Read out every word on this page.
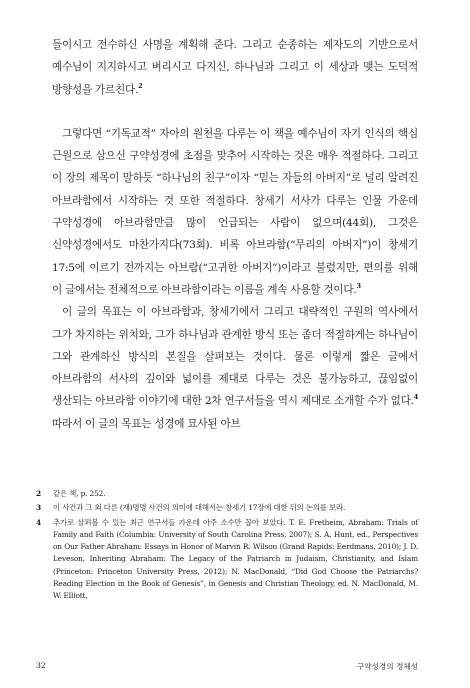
들이시고 전수하신 사명을 계획해 준다. 그리고 순종하는 제자도의 기반으로서 예수님이 지지하시고 벼리시고 다지신, 하나님과 그리고 이 세상과 맺는 도덕적 방향성을 가르친다.$^2$

그렇다면 “기독교적” 자아의 원천을 다루는 이 책을 예수님이 자기 인식의 핵심 근원으로 삼으신 구약성경에 초점을 맞추어 시작하는 것은 매우 적절하다. 그리고 이 장의 제목이 말하듯 “하나님의 친구”이자 “믿는 자들의 아버지”로 널리 알려진 아브라함에서 시작하는 것 또한 적절하다. 창세기 서사가 다루는 인물 가운데 구약성경에 아브라함만큼 많이 언급되는 사람이 없으며(44회), 그것은 신약성경에서도 마찬가지다(73회). 비록 아브라함(“무리의 아버지”)이 창세기 17:5에 이르기 전까지는 아브람(“고귀한 아버지”)이라고 불렸지만, 편의를 위해 이 글에서는 전체적으로 아브라함이라는 이름을 계속 사용할 것이다.$^3$

이 글의 목표는 이 아브라함과, 창세기에서 그리고 대략적인 구원의 역사에서 그가 차지하는 위치와, 그가 하나님과 관계한 방식 또는 좀더 적절하게는 하나님이 그와 관계하신 방식의 본질을 살펴보는 것이다. 물론 이렇게 짧은 글에서 아브라함의 서사의 깊이와 넓이를 제대로 다루는 것은 불가능하고, 끊임없이 생산되는 아브라함 이야기에 대한 2차 연구서들을 역시 제대로 소개할 수가 없다.$^4$ 따라서 이 글의 목표는 성경에 묘사된 아브

2	같은 책, p. 252.
3	이 사건과 그 외 다른 (재)명명 사건의 의미에 대해서는 창세기 17장에 대한 뒤의 논의를 보라.
4	추가로 살펴볼 수 있는 최근 연구서들 가운데 아주 소수만 꼽아 보았다. T. E. Fretheim, Abraham: Trials of Family and Faith (Columbia: University of South Carolina Press, 2007); S. A. Hunt, ed., Perspectives on Our Father Abraham: Essays in Honor of Marvin R. Wilson (Grand Rapids: Eerdmans, 2010); J. D. Leveson, Inheriting Abraham: The Legacy of the Patriarch in Judaism, Christianity, and Islam (Princeton: Princeton University Press, 2012); N. MacDonald, “Did God Choose the Patriarchs? Reading Election in the Book of Genesis”, in Genesis and Christian Theology, ed. N. MacDonald, M. W. Elliott,
32	구약성경의 정체성
